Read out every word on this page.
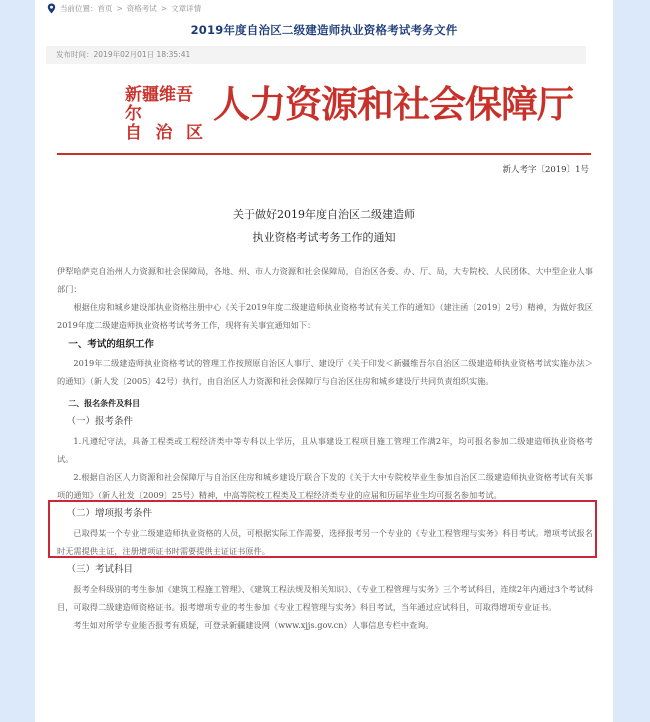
当前位置： 首页 > 资格考试 > 文章详情
2019年度自治区二级建造师执业资格考试考务文件
发布时间：2019年02月01日 18:35:41
新疆维吾尔
自 治 区
人力资源和社会保障厅
新人考字〔2019〕1号
关于做好2019年度自治区二级建造师
执业资格考试考务工作的通知

伊犁哈萨克自治州人力资源和社会保障局，各地、州、市人力资源和社会保障局，自治区各委、办、厅、局，大专院校、人民团体、大中型企业人事部门：

根据住房和城乡建设部执业资格注册中心《关于2019年度二级建造师执业资格考试有关工作的通知》（建注函〔2019〕2号）精神，为做好我区2019年度二级建造师执业资格考试考务工作，现将有关事宜通知如下：

一、考试的组织工作

2019年二级建造师执业资格考试的管理工作按照原自治区人事厅、建设厅《关于印发＜新疆维吾尔自治区二级建造师执业资格考试实施办法＞的通知》（新人发〔2005〕42号）执行，由自治区人力资源和社会保障厅与自治区住房和城乡建设厅共同负责组织实施。

二、报名条件及科目

（一）报考条件

1.凡遵纪守法，具备工程类或工程经济类中等专科以上学历，且从事建设工程项目施工管理工作满2年，均可报名参加二级建造师执业资格考试。

2.根据自治区人力资源和社会保障厅与自治区住房和城乡建设厅联合下发的《关于大中专院校毕业生参加自治区二级建造师执业资格考试有关事项的通知》（新人社发〔2009〕25号）精神，中高等院校工程类及工程经济类专业的应届和历届毕业生均可报名参加考试。

（二）增项报考条件

已取得某一个专业二级建造师执业资格的人员，可根据实际工作需要，选择报考另一个专业的《专业工程管理与实务》科目考试。增项考试报名时无需提供主证，注册增项证书时需要提供主证证书原件。

（三）考试科目

报考全科级别的考生参加《建筑工程施工管理》、《建筑工程法规及相关知识》、《专业工程管理与实务》三个考试科目，连续2年内通过3个考试科目，可取得二级建造师资格证书。报考增项专业的考生参加《专业工程管理与实务》科目考试，当年通过应试科目，可取得增项专业证书。

考生如对所学专业能否报考有质疑，可登录新疆建设网（www.xjjs.gov.cn）人事信息专栏中查询。
